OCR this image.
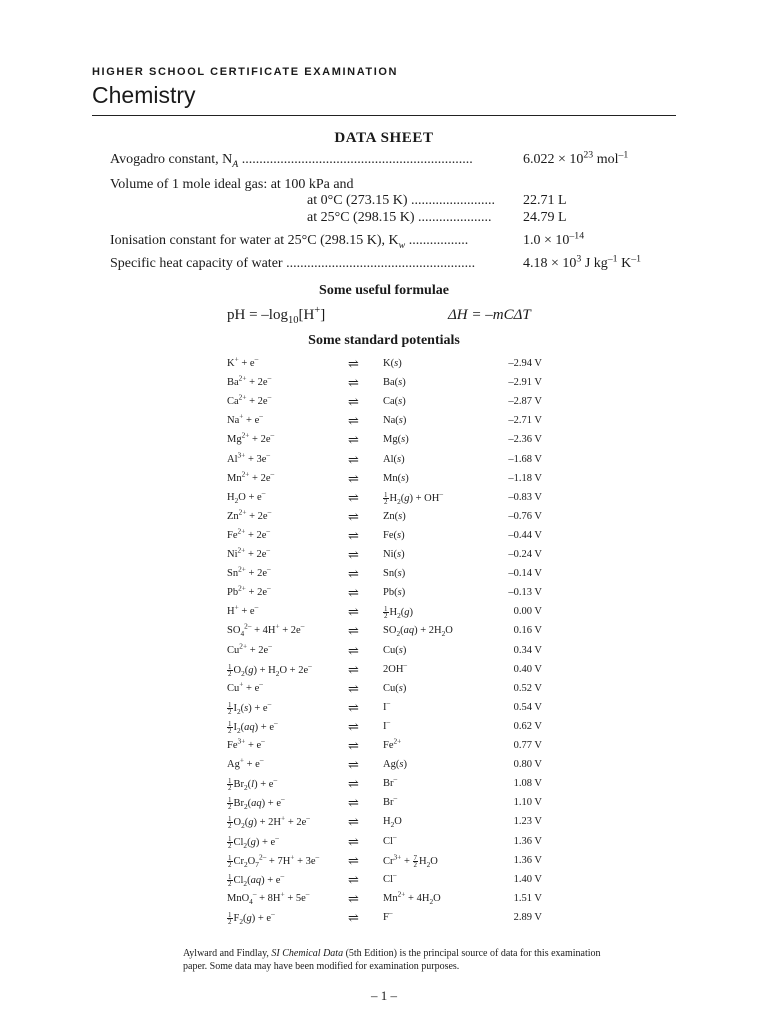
HIGHER SCHOOL CERTIFICATE EXAMINATION
Chemistry
DATA SHEET
Avogadro constant, $N_A$ ..................................................................	$6.022 \times 10^{23}$ mol$^{-1}$
Volume of 1 mole ideal gas: at 100 kPa and
at 0°C (273.15 K) ........................ 22.71 L
at 25°C (298.15 K) ..................... 24.79 L
Ionisation constant for water at 25°C (298.15 K), $K_w$ .................	$1.0 \times 10^{-14}$
Specific heat capacity of water ......................................................	$4.18 \times 10^3$ J $kg^{-1}$ $K^{-1}$
Some useful formulae
pH = $-\log_{10}[H^+]$	ΔH = –mCΔT
Some standard potentials
K+ + e–	⇌ K(s)	–2.94 V
$Ba^{2+} + 2e^-$	⇌ Ba(s)	–2.91 V
$Ca^{2+} + 2e^-$	⇌ Ca(s)	–2.87 V
Na+ + e–	⇌ Na(s)	–2.71 V
$Mg^{2+} + 2e^-$	⇌ Mg(s)	–2.36 V
$Al^{3+} + 3e^-$	⇌ Al(s)	–1.68 V
$Mn^{2+} + 2e^-$	⇌ Mn(s)	–1.18 V
$H_2O + e^-$	⇌	$\frac{1}{2} H_2(g) + OH^-$	–0.83 V
$Zn^{2+} + 2e^-$	⇌ Zn(s)	–0.76 V
$Fe^{2+} + 2e^-$	⇌ Fe(s)	–0.44 V
$Ni^{2+} + 2e^-$	⇌ Ni(s)	–0.24 V
$Sn^{2+} + 2e^-$	⇌ Sn(s)	–0.14 V
$Pb^{2+} + 2e^-$	⇌ Pb(s)	–0.13 V
H+ + e–	⇌	$\frac{1}{2} H_2(g)$	0.00 V
$SO_4^{2-} + 4H^+ + 2e^-$	⇌ $SO_2(aq) + 2H_2O$	0.16 V
$Cu^{2+} + 2e^-$	⇌ Cu(s)	0.34 V
$\frac{1}{2} O_2(g) + H_2O + 2e^-$	⇌ 2OH–	0.40 V
Cu+ + e–	⇌ Cu(s)	0.52 V
$\frac{1}{2} I_2(s) + e^-$	⇌ I–	0.54 V
$\frac{1}{2} I_2(aq) + e^-$	⇌ I–	0.62 V
$Fe^{3+} + e^-$	⇌ $Fe^{2+}$	0.77 V
Ag+ + e–	⇌ Ag(s)	0.80 V
$\frac{1}{2} Br_2(l) + e^-$	⇌ Br–	1.08 V
$\frac{1}{2} Br_2(aq) + e^-$	⇌ Br–	1.10 V
$\frac{1}{2} O_2(g) + 2H^+ + 2e^-$	⇌ $H_2O$	1.23 V
$\frac{1}{2} Cl_2(g) + e^-$	⇌ Cl–	1.36 V
$\frac{1}{2} Cr_2O_7^{2-} + 7H^+ + 3e^-$ ⇌ $Cr^{3+} + \frac{7}{2} H_2O$	1.36 V
$\frac{1}{2} Cl_2(aq) + e^-$	⇌ Cl–	1.40 V
MnO$_4$– + 8H+ + 5e–	⇌ $Mn^{2+} + 4H_2O$	1.51 V
$\frac{1}{2} F_2(g) + e^-$	⇌ F–	2.89 V
Aylward and Findlay, SI Chemical Data (5th Edition) is the principal source of data for this examination paper. Some data may have been modified for examination purposes.
– 1 –
